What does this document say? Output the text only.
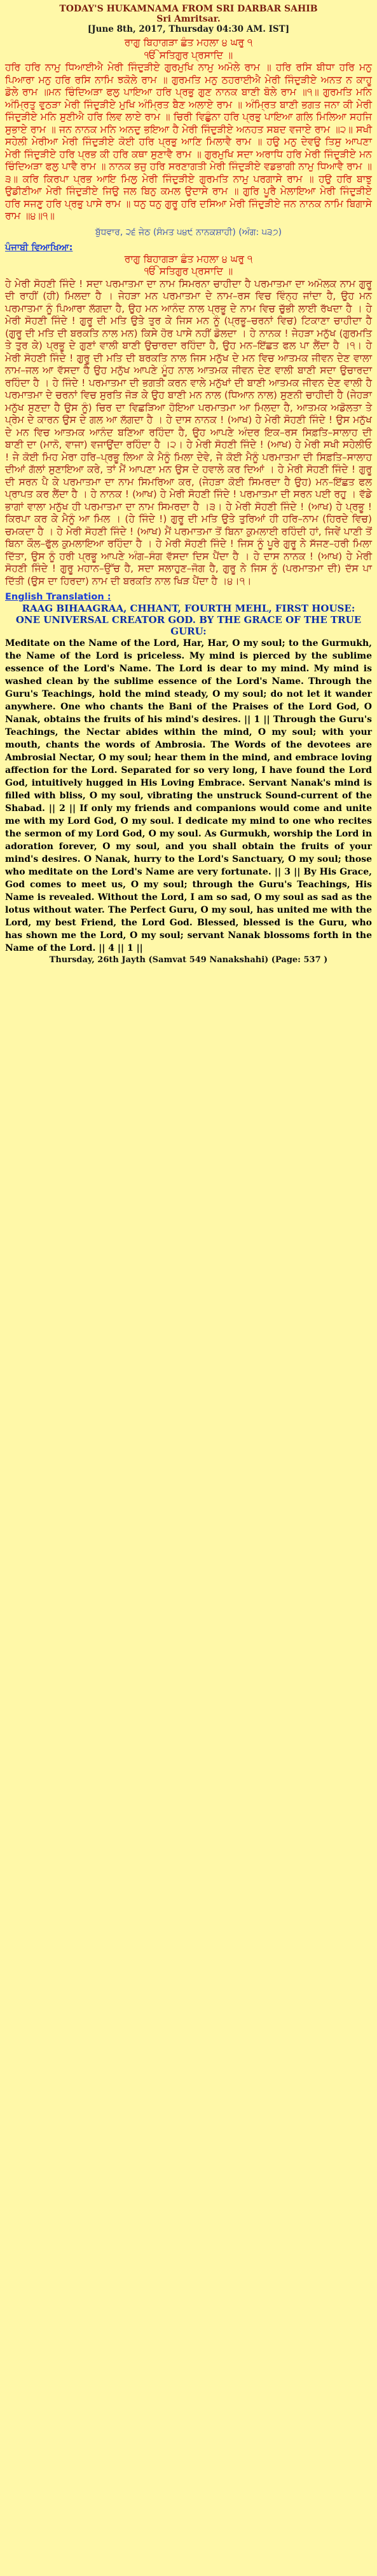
TODAY'S HUKAMNAMA FROM SRI DARBAR SAHIB
Sri Amritsar.
[June 8th, 2017, Thursday 04:30 AM. IST]
ਰਾਗੁ ਬਿਹਾਗੜਾ ਛੰਤ ਮਹਲਾ ੪ ਘਰੁ ੧
ੴ ਸਤਿਗੁਰ ਪ੍ਰਸਾਦਿ ॥
ਹਰਿ ਹਰਿ ਨਾਮੁ ਧਿਆਈਐ ਮੇਰੀ ਜਿੰਦੁੜੀਏ ਗੁਰਮੁਖਿ ਨਾਮੁ ਅਮੋਲੇ ਰਾਮ ॥ ਹਰਿ ਰਸਿ ਬੀਧਾ ਹਰਿ ਮਨੁ ਪਿਆਰਾ ਮਨੁ ਹਰਿ ਰਸਿ ਨਾਮਿ ਝਕੋਲੇ ਰਾਮ ॥ ਗੁਰਮਤਿ ਮਨੁ ਠਹਰਾਈਐ ਮੇਰੀ ਜਿੰਦੁੜੀਏ ਅਨਤ ਨ ਕਾਹੂ ਡੋਲੇ ਰਾਮ ॥ਮਨ ਚਿੰਦਿਅੜਾ ਫਲੁ ਪਾਇਆ ਹਰਿ ਪ੍ਰਭੁ ਗੁਣ ਨਾਨਕ ਬਾਣੀ ਬੋਲੇ ਰਾਮ ॥੧॥ ਗੁਰਮਤਿ ਮਨਿ ਅੰਮ੍ਰਿਤੁ ਵੁਠੜਾ ਮੇਰੀ ਜਿੰਦੁੜੀਏ ਮੁਖਿ ਅੰਮ੍ਰਿਤ ਬੈਣ ਅਲਾਏ ਰਾਮ ॥ ਅੰਮ੍ਰਿਤ ਬਾਣੀ ਭਗਤ ਜਨਾ ਕੀ ਮੇਰੀ ਜਿੰਦੁੜੀਏ ਮਨਿ ਸੁਣੀਐ ਹਰਿ ਲਿਵ ਲਾਏ ਰਾਮ ॥ ਚਿਰੀ ਵਿਛੁੰਨਾ ਹਰਿ ਪ੍ਰਭੁ ਪਾਇਆ ਗਲਿ ਮਿਲਿਆ ਸਹਜਿ ਸੁਭਾਏ ਰਾਮ ॥ ਜਨ ਨਾਨਕ ਮਨਿ ਅਨਦੁ ਭਇਆ ਹੈ ਮੇਰੀ ਜਿੰਦੁੜੀਏ ਅਨਹਤ ਸਬਦ ਵਜਾਏ ਰਾਮ ॥੨॥ ਸਖੀ ਸਹੇਲੀ ਮੇਰੀਆ ਮੇਰੀ ਜਿੰਦੁੜੀਏ ਕੋਈ ਹਰਿ ਪ੍ਰਭੁ ਆਣਿ ਮਿਲਾਵੈ ਰਾਮ ॥ ਹਉ ਮਨੁ ਦੇਵਉ ਤਿਸੁ ਆਪਣਾ ਮੇਰੀ ਜਿੰਦੁੜੀਏ ਹਰਿ ਪ੍ਰਭ ਕੀ ਹਰਿ ਕਥਾ ਸੁਣਾਵੈ ਰਾਮ ॥ ਗੁਰਮੁਖਿ ਸਦਾ ਅਰਾਧਿ ਹਰਿ ਮੇਰੀ ਜਿੰਦੁੜੀਏ ਮਨ ਚਿੰਦਿਅੜਾ ਫਲੁ ਪਾਵੈ ਰਾਮ ॥ ਨਾਨਕ ਭਜੁ ਹਰਿ ਸਰਣਾਗਤੀ ਮੇਰੀ ਜਿੰਦੁੜੀਏ ਵਡਭਾਗੀ ਨਾਮੁ ਧਿਆਵੈ ਰਾਮ ॥੩॥ ਕਰਿ ਕਿਰਪਾ ਪ੍ਰਭ ਆਇ ਮਿਲੁ ਮੇਰੀ ਜਿੰਦੁੜੀਏ ਗੁਰਮਤਿ ਨਾਮੁ ਪਰਗਾਸੇ ਰਾਮ ॥ ਹਉ ਹਰਿ ਬਾਝੁ ਉਡੀਣੀਆ ਮੇਰੀ ਜਿੰਦੁੜੀਏ ਜਿਉ ਜਲ ਬਿਨੁ ਕਮਲ ਉਦਾਸੇ ਰਾਮ ॥ ਗੁਰਿ ਪੂਰੈ ਮੇਲਾਇਆ ਮੇਰੀ ਜਿੰਦੁੜੀਏ ਹਰਿ ਸਜਣੁ ਹਰਿ ਪ੍ਰਭੁ ਪਾਸੇ ਰਾਮ ॥ ਧਨੁ ਧਨੁ ਗੁਰੂ ਹਰਿ ਦਸਿਆ ਮੇਰੀ ਜਿੰਦੁੜੀਏ ਜਨ ਨਾਨਕ ਨਾਮਿ ਬਿਗਾਸੇ ਰਾਮ ॥੪॥੧॥
ਬੁੱਧਵਾਰ, ੨੬ ਜੇਠ (ਸੰਮਤ ੫੪੯ ਨਾਨਕਸ਼ਾਹੀ) (ਅੰਗ: ੫੩੭)
ਪੰਜਾਬੀ ਵਿਆਖਿਆ:
ਰਾਗੁ ਬਿਹਾਗੜਾ ਛੰਤ ਮਹਲਾ ੪ ਘਰੁ ੧
ੴ ਸਤਿਗੁਰ ਪ੍ਰਸਾਦਿ ॥
ਹੇ ਮੇਰੀ ਸੋਹਣੀ ਜਿੰਦੇ ! ਸਦਾ ਪਰਮਾਤਮਾ ਦਾ ਨਾਮ ਸਿਮਰਨਾ ਚਾਹੀਦਾ ਹੈ ਪਰਮਾਤਮਾ ਦਾ ਅਮੋਲਕ ਨਾਮ ਗੁਰੂ ਦੀ ਰਾਹੀਂ (ਹੀ) ਮਿਲਦਾ ਹੈ । ਜੇਹੜਾ ਮਨ ਪਰਮਾਤਮਾ ਦੇ ਨਾਮ–ਰਸ ਵਿਚ ਵਿੰਨ੍ਹ ਜਾਂਦਾ ਹੈ, ਉਹ ਮਨ ਪਰਮਾਤਮਾ ਨੂੰ ਪਿਆਰਾ ਲੱਗਦਾ ਹੈ, ਉਹ ਮਨ ਆਨੰਦ ਨਾਲ ਪ੍ਰਭੂ ਦੇ ਨਾਮ ਵਿਚ ਚੁੱਭੀ ਲਾਈ ਰੱਖਦਾ ਹੈ । ਹੇ ਮੇਰੀ ਸੋਹਣੀ ਜਿੰਦੇ ! ਗੁਰੂ ਦੀ ਮਤਿ ਉਤੇ ਤੁਰ ਕੇ ਜਿਸ ਮਨ ਨੂੰ (ਪ੍ਰਭੂ–ਚਰਨਾਂ ਵਿਚ) ਟਿਕਾਣਾ ਚਾਹੀਦਾ ਹੈ (ਗੁਰੂ ਦੀ ਮਤਿ ਦੀ ਬਰਕਤਿ ਨਾਲ ਮਨ) ਕਿਸੇ ਹੋਰ ਪਾਸੇ ਨਹੀਂ ਡੋਲਦਾ । ਹੇ ਨਾਨਕ ! ਜੇਹੜਾ ਮਨੁੱਖ (ਗੁਰਮਤਿ ਤੇ ਤੁਰ ਕੇ) ਪ੍ਰਭੂ ਦੇ ਗੁਣਾਂ ਵਾਲੀ ਬਾਣੀ ਉਚਾਰਦਾ ਰਹਿੰਦਾ ਹੈ, ਉਹ ਮਨ–ਇੱਛਤ ਫਲ ਪਾ ਲੈਂਦਾ ਹੈ ।੧। ਹੇ ਮੇਰੀ ਸੋਹਣੀ ਜਿੰਦੇ ! ਗੁਰੂ ਦੀ ਮਤਿ ਦੀ ਬਰਕਤਿ ਨਾਲ ਜਿਸ ਮਨੁੱਖ ਦੇ ਮਨ ਵਿਚ ਆਤਮਕ ਜੀਵਨ ਦੇਣ ਵਾਲਾ ਨਾਮ–ਜਲ ਆ ਵੱਸਦਾ ਹੈ ਉਹ ਮਨੁੱਖ ਆਪਣੇ ਮੂੰਹ ਨਾਲ ਆਤਮਕ ਜੀਵਨ ਦੇਣ ਵਾਲੀ ਬਾਣੀ ਸਦਾ ਉਚਾਰਦਾ ਰਹਿੰਦਾ ਹੈ । ਹੇ ਜਿੰਦੇ ! ਪਰਮਾਤਮਾ ਦੀ ਭਗਤੀ ਕਰਨ ਵਾਲੇ ਮਨੁੱਖਾਂ ਦੀ ਬਾਣੀ ਆਤਮਕ ਜੀਵਨ ਦੇਣ ਵਾਲੀ ਹੈ ਪਰਮਾਤਮਾ ਦੇ ਚਰਨਾਂ ਵਿਚ ਸੁਰਤਿ ਜੋੜ ਕੇ ਉਹ ਬਾਣੀ ਮਨ ਨਾਲ (ਧਿਆਨ ਨਾਲ) ਸੁਣਨੀ ਚਾਹੀਦੀ ਹੈ (ਜੇਹੜਾ ਮਨੁੱਖ ਸੁਣਦਾ ਹੈ ਉਸ ਨੂੰ) ਚਿਰ ਦਾ ਵਿਛੜਿਆ ਹੋਇਆ ਪਰਮਾਤਮਾ ਆ ਮਿਲਦਾ ਹੈ, ਆਤਮਕ ਅਡੋਲਤਾ ਤੇ ਪ੍ਰੇਮ ਦੇ ਕਾਰਨ ਉਸ ਦੇ ਗਲ ਆ ਲੱਗਦਾ ਹੈ । ਹੇ ਦਾਸ ਨਾਨਕ ! (ਆਖ) ਹੇ ਮੇਰੀ ਸੋਹਣੀ ਜਿੰਦੇ ! ਉਸ ਮਨੁੱਖ ਦੇ ਮਨ ਵਿਚ ਆਤਮਕ ਆਨੰਦ ਬਣਿਆ ਰਹਿੰਦਾ ਹੈ, ਉਹ ਆਪਣੇ ਅੰਦਰ ਇਕ–ਰਸ ਸਿਫ਼ਤਿ–ਸਾਲਾਹ ਦੀ ਬਾਣੀ ਦਾ (ਮਾਨੋ, ਵਾਜਾ) ਵਜਾਉਂਦਾ ਰਹਿੰਦਾ ਹੈ ।੨। ਹੇ ਮੇਰੀ ਸੋਹਣੀ ਜਿੰਦੇ ! (ਆਖ) ਹੇ ਮੇਰੀ ਸਖੀ ਸਹੇਲੀਓ ! ਜੇ ਕੋਈ ਮਿਹ ਮੇਰਾ ਹਰਿ–ਪ੍ਰਭੂ ਲਿਆ ਕੇ ਮੈਨੂੰ ਮਿਲਾ ਦੇਵੇ, ਜੇ ਕੋਈ ਮੈਨੂੰ ਪਰਮਾਤਮਾ ਦੀ ਸਿਫ਼ਤਿ–ਸਾਲਾਹ ਦੀਆਂ ਗੱਲਾਂ ਸੁਣਾਇਆ ਕਰੇ, ਤਾਂ ਮੈਂ ਆਪਣਾ ਮਨ ਉਸ ਦੇ ਹਵਾਲੇ ਕਰ ਦਿਆਂ । ਹੇ ਮੇਰੀ ਸੋਹਣੀ ਜਿੰਦੇ ! ਗੁਰੂ ਦੀ ਸਰਨ ਪੈ ਕੇ ਪਰਮਾਤਮਾ ਦਾ ਨਾਮ ਸਿਮਰਿਆ ਕਰ, (ਜੇਹੜਾ ਕੋਈ ਸਿਮਰਦਾ ਹੈ ਉਹ) ਮਨ–ਇੱਛਤ ਫਲ ਪ੍ਰਾਪਤ ਕਰ ਲੈਂਦਾ ਹੈ । ਹੇ ਨਾਨਕ ! (ਆਖ) ਹੇ ਮੇਰੀ ਸੋਹਣੀ ਜਿੰਦੇ ! ਪਰਮਾਤਮਾ ਦੀ ਸਰਨ ਪਈ ਰਹੁ । ਵੱਡੇ ਭਾਗਾਂ ਵਾਲਾ ਮਨੁੱਖ ਹੀ ਪਰਮਾਤਮਾ ਦਾ ਨਾਮ ਸਿਮਰਦਾ ਹੈ ।੩। ਹੇ ਮੇਰੀ ਸੋਹਣੀ ਜਿੰਦੇ ! (ਆਖ) ਹੇ ਪ੍ਰਭੂ ! ਕਿਰਪਾ ਕਰ ਕੇ ਮੈਨੂੰ ਆ ਮਿਲ । (ਹੇ ਜਿੰਦੇ !) ਗੁਰੂ ਦੀ ਮਤਿ ਉਤੇ ਤੁਰਿਆਂ ਹੀ ਹਰਿ–ਨਾਮ (ਹਿਰਦੇ ਵਿਚ) ਚਮਕਦਾ ਹੈ । ਹੇ ਮੇਰੀ ਸੋਹਣੀ ਜਿੰਦੇ ! (ਆਖ) ਮੈਂ ਪਰਮਾਤਮਾ ਤੋਂ ਬਿਨਾ ਕੁਮਲਾਈ ਰਹਿੰਦੀ ਹਾਂ, ਜਿਵੇਂ ਪਾਣੀ ਤੋਂ ਬਿਨਾ ਕੌਲ–ਫੁੱਲ ਕੁਮਲਾਇਆ ਰਹਿੰਦਾ ਹੈ । ਹੇ ਮੇਰੀ ਸੋਹਣੀ ਜਿੰਦੇ ! ਜਿਸ ਨੂੰ ਪੂਰੇ ਗੁਰੂ ਨੇ ਸੱਜਣ–ਹਰੀ ਮਿਲਾ ਦਿੱਤਾ, ਉਸ ਨੂੰ ਹਰੀ ਪ੍ਰਭੂ ਆਪਣੇ ਅੰਗ–ਸੰਗ ਵੱਸਦਾ ਦਿਸ ਪੈਂਦਾ ਹੈ । ਹੇ ਦਾਸ ਨਾਨਕ ! (ਆਖ) ਹੇ ਮੇਰੀ ਸੋਹਣੀ ਜਿੰਦੇ ! ਗੁਰੂ ਮਹਾਨ–ਉੱਚ ਹੈ, ਸਦਾ ਸਲਾਹੁਣ–ਜੋਗ ਹੈ, ਗੁਰੂ ਨੇ ਜਿਸ ਨੂੰ (ਪਰਮਾਤਮਾ ਦੀ) ਦੱਸ ਪਾ ਦਿੱਤੀ (ਉਸ ਦਾ ਹਿਰਦਾ) ਨਾਮ ਦੀ ਬਰਕਤਿ ਨਾਲ ਖਿੜ ਪੈਂਦਾ ਹੈ ।੪।੧।
English Translation :
RAAG BIHAAGRAA, CHHANT, FOURTH MEHL, FIRST HOUSE:
ONE UNIVERSAL CREATOR GOD. BY THE GRACE OF THE TRUE GURU:
Meditate on the Name of the Lord, Har, Har, O my soul; to the Gurmukh, the Name of the Lord is priceless. My mind is pierced by the sublime essence of the Lord's Name. The Lord is dear to my mind. My mind is washed clean by the sublime essence of the Lord's Name. Through the Guru's Teachings, hold the mind steady, O my soul; do not let it wander anywhere. One who chants the Bani of the Praises of the Lord God, O Nanak, obtains the fruits of his mind's desires. || 1 || Through the Guru's Teachings, the Nectar abides within the mind, O my soul; with your mouth, chants the words of Ambrosia. The Words of the devotees are Ambrosial Nectar, O my soul; hear them in the mind, and embrace loving affection for the Lord. Separated for so very long, I have found the Lord God, intuitively hugged in His Loving Embrace. Servant Nanak's mind is filled with bliss, O my soul, vibrating the unstruck Sound-current of the Shabad. || 2 || If only my friends and companions would come and unite me with my Lord God, O my soul. I dedicate my mind to one who recites the sermon of my Lord God, O my soul. As Gurmukh, worship the Lord in adoration forever, O my soul, and you shall obtain the fruits of your mind's desires. O Nanak, hurry to the Lord's Sanctuary, O my soul; those who meditate on the Lord's Name are very fortunate. || 3 || By His Grace, God comes to meet us, O my soul; through the Guru's Teachings, His Name is revealed. Without the Lord, I am so sad, O my soul as sad as the lotus without water. The Perfect Guru, O my soul, has united me with the Lord, my best Friend, the Lord God. Blessed, blessed is the Guru, who has shown me the Lord, O my soul; servant Nanak blossoms forth in the Name of the Lord. || 4 || 1 ||
Thursday, 26th Jayth (Samvat 549 Nanakshahi) (Page: 537 )
